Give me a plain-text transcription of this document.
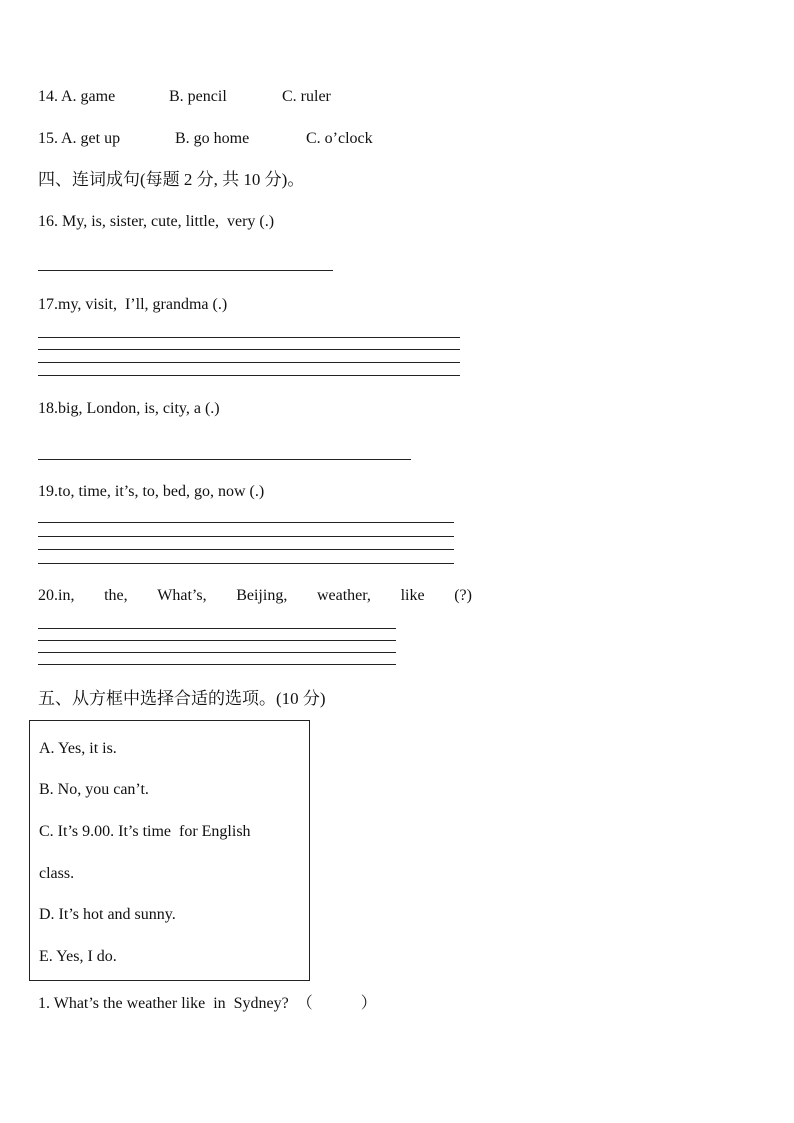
14. A. game	B. pencil	C. ruler
15. A. get up	B. go home	C. o’clock
四、连词成句(每题 2 分, 共 10 分)。
16. My, is, sister, cute, little,  very (.)
17.my, visit,  I’ll, grandma (.)
18.big, London, is, city, a (.)
19.to, time, it’s, to, bed, go, now (.)
20.in, the, What’s, Beijing, weather, like (?)
五、从方框中选择合适的选项。(10 分)
A. Yes, it is.
B. No, you can’t.
C. It’s 9.00. It’s time  for English
class.
D. It’s hot and sunny.
E. Yes, I do.
1. What’s the weather like  in  Sydney?  （            ）
